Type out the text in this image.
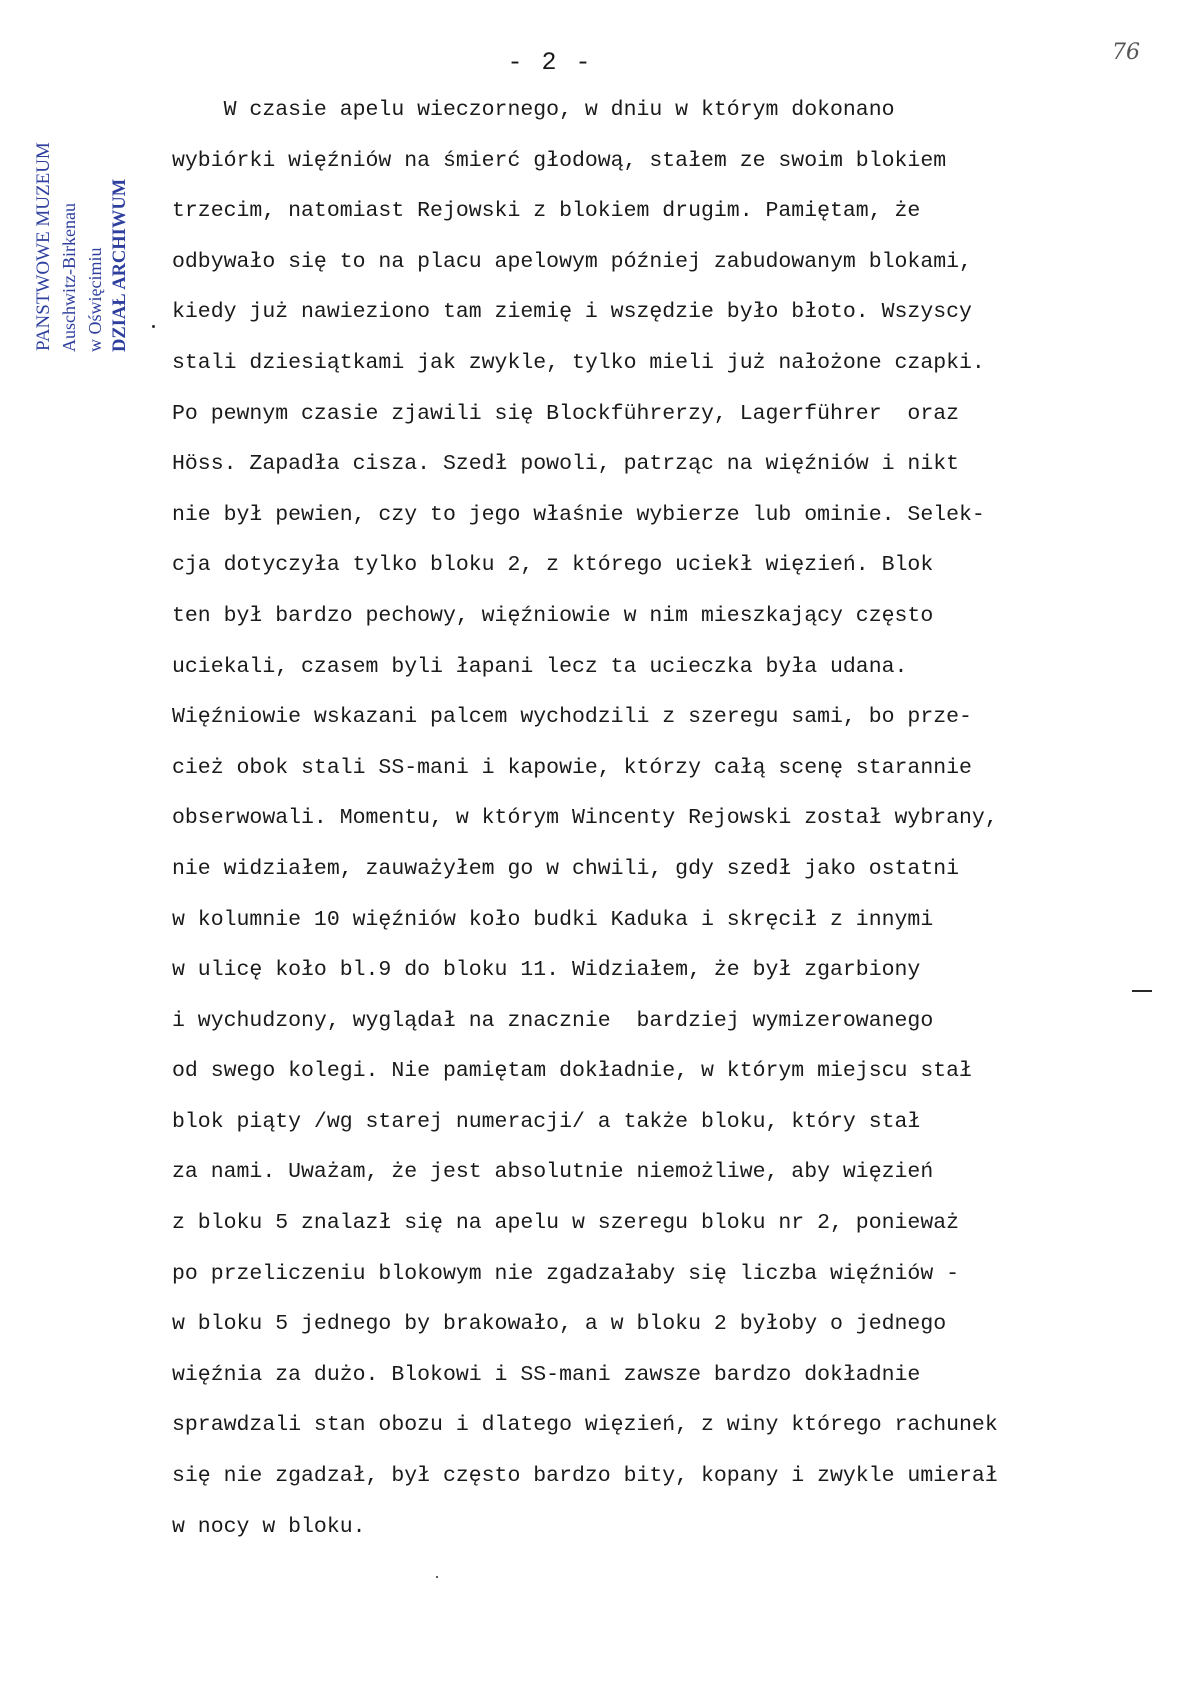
- 2 -	76
PANSTWOWE MUZEUM Auschwitz-Birkenau w Oświęcimiu DZIAŁ ARCHIWUM
W czasie apelu wieczornego, w dniu w którym dokonano
wybiórki więźniów na śmierć głodową, stałem ze swoim blokiem
trzecim, natomiast Rejowski z blokiem drugim. Pamiętam, że
odbywało się to na placu apelowym później zabudowanym blokami,
kiedy już nawieziono tam ziemię i wszędzie było błoto. Wszyscy
stali dziesiątkami jak zwykle, tylko mieli już nałożone czapki.
Po pewnym czasie zjawili się Blockführerzy, Lagerführer  oraz
Höss. Zapadła cisza. Szedł powoli, patrząc na więźniów i nikt
nie był pewien, czy to jego właśnie wybierze lub ominie. Selek-
cja dotyczyła tylko bloku 2, z którego uciekł więzień. Blok
ten był bardzo pechowy, więźniowie w nim mieszkający często
uciekali, czasem byli łapani lecz ta ucieczka była udana.
Więźniowie wskazani palcem wychodzili z szeregu sami, bo prze-
cież obok stali SS-mani i kapowie, którzy całą scenę starannie
obserwowali. Momentu, w którym Wincenty Rejowski został wybrany,
nie widziałem, zauważyłem go w chwili, gdy szedł jako ostatni
w kolumnie 10 więźniów koło budki Kaduka i skręcił z innymi
w ulicę koło bl.9 do bloku 11. Widziałem, że był zgarbiony
i wychudzony, wyglądał na znacznie  bardziej wymizerowanego
od swego kolegi. Nie pamiętam dokładnie, w którym miejscu stał
blok piąty /wg starej numeracji/ a także bloku, który stał
za nami. Uważam, że jest absolutnie niemożliwe, aby więzień
z bloku 5 znalazł się na apelu w szeregu bloku nr 2, ponieważ
po przeliczeniu blokowym nie zgadzałaby się liczba więźniów -
w bloku 5 jednego by brakowało, a w bloku 2 byłoby o jednego
więźnia za dużo. Blokowi i SS-mani zawsze bardzo dokładnie
sprawdzali stan obozu i dlatego więzień, z winy którego rachunek
się nie zgadzał, był często bardzo bity, kopany i zwykle umierał
w nocy w bloku.
